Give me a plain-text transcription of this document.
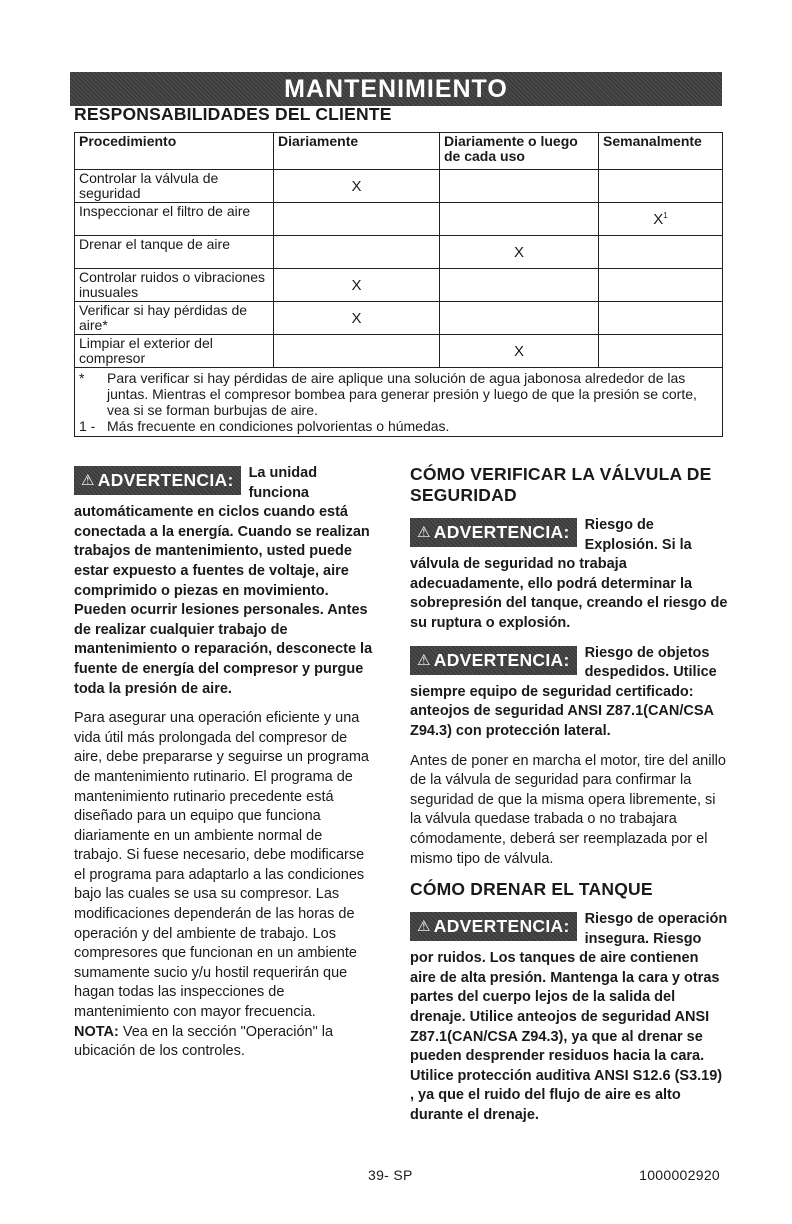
MANTENIMIENTO
RESPONSABILIDADES DEL CLIENTE
Procedimiento	Diariamente	Diariamente o luego de cada uso	Semanalmente
Controlar la válvula de seguridad	X		
Inspeccionar el filtro de aire			$X^1$
Drenar el tanque de aire		X	
Controlar ruidos o vibraciones inusuales	X		
Verificar si hay pérdidas de aire*	X		
Limpiar el exterior del compresor		X	

* Para verificar si hay pérdidas de aire aplique una solución de agua jabonosa alrededor de las juntas. Mientras el compresor bombea para generar presión y luego de que la presión se corte, vea si se forman burbujas de aire.
1 - Más frecuente en condiciones polvorientas o húmedas.			
⚠ ADVERTENCIA: La unidad funciona automáticamente en ciclos cuando está conectada a la energía. Cuando se realizan trabajos de mantenimiento, usted puede estar expuesto a fuentes de voltaje, aire comprimido o piezas en movimiento. Pueden ocurrir lesiones personales. Antes de realizar cualquier trabajo de mantenimiento o reparación, desconecte la fuente de energía del compresor y purgue toda la presión de aire.

Para asegurar una operación eficiente y una vida útil más prolongada del compresor de aire, debe prepararse y seguirse un programa de mantenimiento rutinario. El programa de mantenimiento rutinario precedente está diseñado para un equipo que funciona diariamente en un ambiente normal de trabajo. Si fuese necesario, debe modificarse el programa para adaptarlo a las condiciones bajo las cuales se usa su compresor. Las modificaciones dependerán de las horas de operación y del ambiente de trabajo. Los compresores que funcionan en un ambiente sumamente sucio y/u hostil requerirán que hagan todas las inspecciones de mantenimiento con mayor frecuencia.

NOTA: Vea en la sección "Operación" la ubicación de los controles.

CÓMO VERIFICAR LA VÁLVULA DE SEGURIDAD
⚠ ADVERTENCIA: Riesgo de Explosión. Si la válvula de seguridad no trabaja adecuadamente, ello podrá determinar la sobrepresión del tanque, creando el riesgo de su ruptura o explosión.
⚠ ADVERTENCIA: Riesgo de objetos despedidos. Utilice siempre equipo de seguridad certificado: anteojos de seguridad ANSI Z87.1(CAN/CSA Z94.3) con protección lateral.
Antes de poner en marcha el motor, tire del anillo de la válvula de seguridad para confirmar la seguridad de que la misma opera libremente, si la válvula quedase trabada o no trabajara cómodamente, deberá ser reemplazada por el mismo tipo de válvula.
CÓMO DRENAR EL TANQUE
⚠ ADVERTENCIA: Riesgo de operación insegura. Riesgo por ruidos. Los tanques de aire contienen aire de alta presión. Mantenga la cara y otras partes del cuerpo lejos de la salida del drenaje. Utilice anteojos de seguridad ANSI Z87.1(CAN/CSA Z94.3), ya que al drenar se pueden desprender residuos hacia la cara. Utilice protección auditiva ANSI S12.6 (S3.19) , ya que el ruido del flujo de aire es alto durante el drenaje.
39- SP	1000002920
